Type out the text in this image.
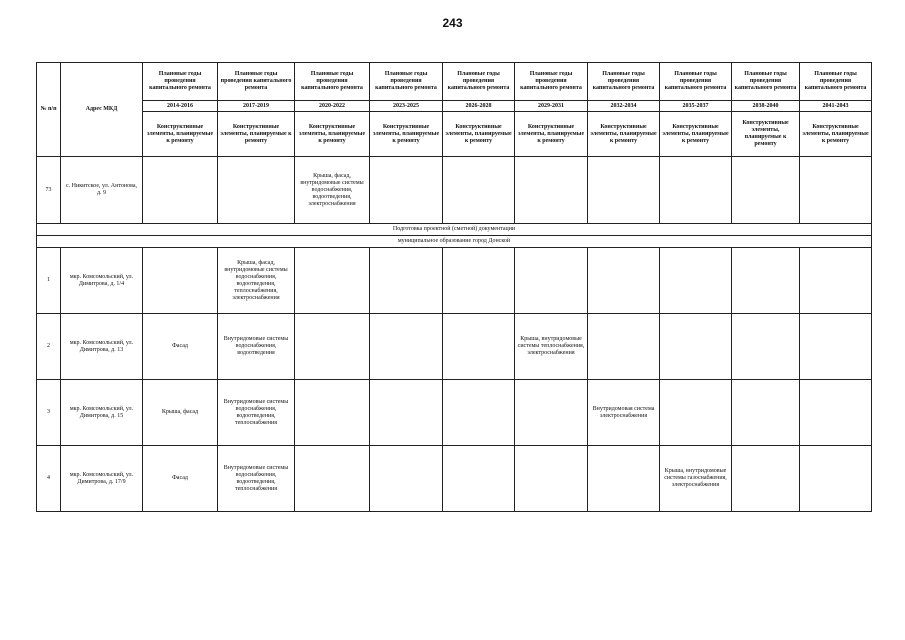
243
№ п/п	Адрес МКД	Плановые годы проведения капитального ремонта	Плановые годы проведения капитального ремонта	Плановые годы проведения капитального ремонта	Плановые годы проведения капитального ремонта	Плановые годы проведения капитального ремонта	Плановые годы проведения капитального ремонта	Плановые годы проведения капитального ремонта	Плановые годы проведения капитального ремонта	Плановые годы проведения капитального ремонта	Плановые годы проведения капитального ремонта
		2014-2016	2017-2019	2020-2022	2023-2025	2026-2028	2029-2031	2032-2034	2035-2037	2038-2040	2041-2043
		Конструктивные элементы, планируемые к ремонту	Конструктивные элементы, планируемые к ремонту	Конструктивные элементы, планируемые к ремонту	Конструктивные элементы, планируемые к ремонту	Конструктивные элементы, планируемые к ремонту	Конструктивные элементы, планируемые к ремонту	Конструктивные элементы, планируемые к ремонту	Конструктивные элементы, планируемые к ремонту	Конструктивные элементы, планируемые к ремонту	Конструктивные элементы, планируемые к ремонту
73	с. Никитское, ул. Антонова, д. 9			Крыша, фасад, внутридомовые системы водоснабжения, водоотведения, электроснабжения							
Подготовка проектной (сметной) документации											
муниципальное образование город Донской											
1	мкр. Комсомольский, ул. Димитрова, д. 1/4		Крыша, фасад, внутридомовые системы водоснабжения, водоотведения, теплоснабжения, электроснабжения								
2	мкр. Комсомольский, ул. Димитрова, д. 13	Фасад	Внутридомовые системы водоснабжения, водоотведения				Крыша, внутридомовые системы теплоснабжения, электроснабжения				
3	мкр. Комсомольский, ул. Димитрова, д. 15	Крыша, фасад	Внутридомовые системы водоснабжения, водоотведения, теплоснабжения					Внутридомовая система электроснабжения			
4	мкр. Комсомольский, ул. Димитрова, д. 17/9	Фасад	Внутридомовые системы водоснабжения, водоотведения, теплоснабжения						Крыша, внутридомовые системы газоснабжения, электроснабжения		
